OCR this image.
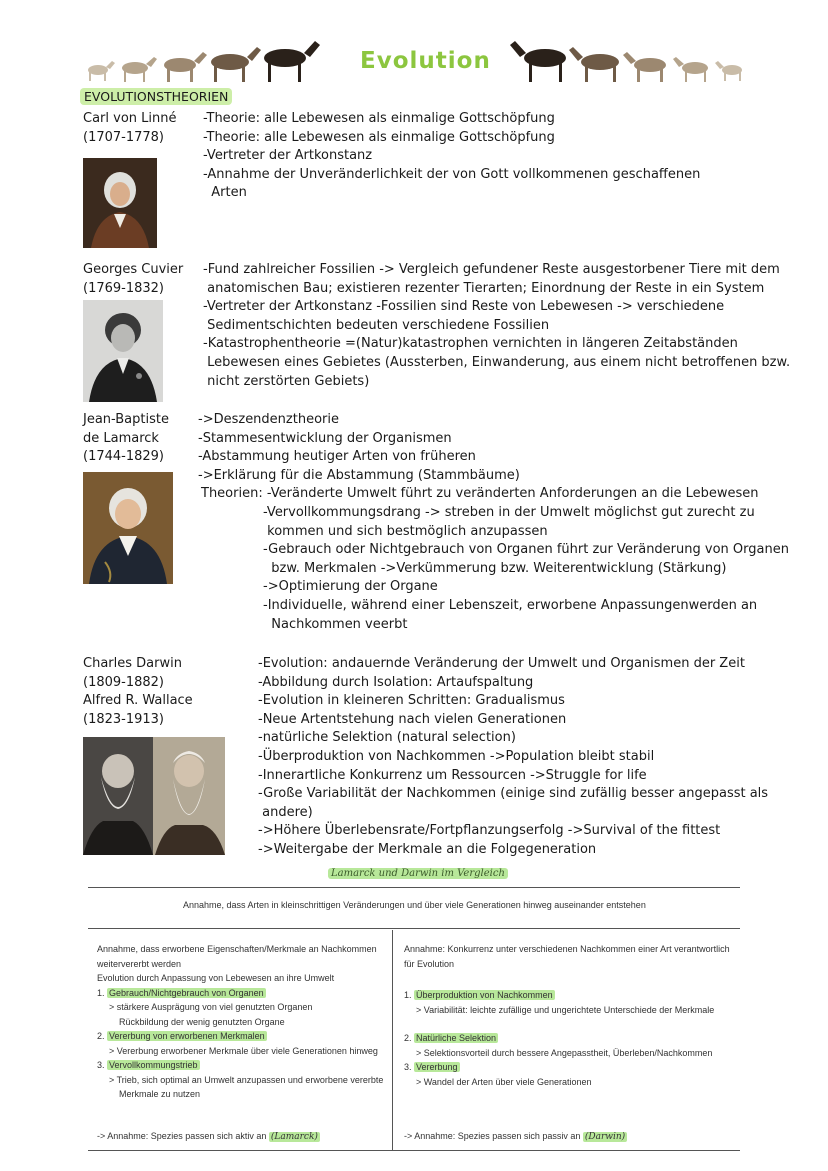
Evolution
EVOLUTIONSTHEORIEN
Carl von Linné
(1707-1778)
-Theorie: alle Lebewesen als einmalige Gottschöpfung
-Theorie: alle Lebewesen als einmalige Gottschöpfung
-Vertreter der Artkonstanz
-Annahme der Unveränderlichkeit der von Gott vollkommenen geschaffenen
Arten
Georges Cuvier
(1769-1832)
-Fund zahlreicher Fossilien -> Vergleich gefundener Reste ausgestorbener Tiere mit dem
anatomischen Bau; existieren rezenter Tierarten; Einordnung der Reste in ein System
-Vertreter der Artkonstanz -Fossilien sind Reste von Lebewesen -> verschiedene
Sedimentschichten bedeuten verschiedene Fossilien
-Katastrophentheorie =(Natur)katastrophen vernichten in längeren Zeitabständen
Lebewesen eines Gebietes (Aussterben, Einwanderung, aus einem nicht betroffenen bzw.
nicht zerstörten Gebiets)
Jean-Baptiste
de Lamarck
(1744-1829)
->Deszendenztheorie
-Stammesentwicklung der Organismen
-Abstammung heutiger Arten von früheren
->Erklärung für die Abstammung (Stammbäume)
Theorien: -Veränderte Umwelt führt zu veränderten Anforderungen an die Lebewesen
-Vervollkommungsdrang -> streben in der Umwelt möglichst gut zurecht zu
kommen und sich bestmöglich anzupassen
-Gebrauch oder Nichtgebrauch von Organen führt zur Veränderung von Organen
bzw. Merkmalen ->Verkümmerung bzw. Weiterentwicklung (Stärkung)
->Optimierung der Organe
-Individuelle, während einer Lebenszeit, erworbene Anpassungenwerden an
Nachkommen veerbt
Charles Darwin
(1809-1882)
Alfred R. Wallace
(1823-1913)
-Evolution: andauernde Veränderung der Umwelt und Organismen der Zeit
-Abbildung durch Isolation: Artaufspaltung
-Evolution in kleineren Schritten: Gradualismus
-Neue Artentstehung nach vielen Generationen
-natürliche Selektion (natural selection)
-Überproduktion von Nachkommen ->Population bleibt stabil
-Innerartliche Konkurrenz um Ressourcen ->Struggle for life
-Große Variabilität der Nachkommen (einige sind zufällig besser angepasst als
andere)
->Höhere Überlebensrate/Fortpflanzungserfolg ->Survival of the fittest
->Weitergabe der Merkmale an die Folgegeneration
Lamarck und Darwin im Vergleich
Annahme, dass Arten in kleinschrittigen Veränderungen und über viele Generationen hinweg auseinander entstehen
Annahme, dass erworbene Eigenschaften/Merkmale an Nachkommen
weitervererbt werden
Evolution durch Anpassung von Lebewesen an ihre Umwelt
1. Gebrauch/Nichtgebrauch von Organen
> stärkere Ausprägung von viel genutzten Organen
Rückbildung der wenig genutzten Organe
2. Vererbung von erworbenen Merkmalen
> Vererbung erworbener Merkmale über viele Generationen hinweg
3. Vervollkommungstrieb
> Trieb, sich optimal an Umwelt anzupassen und erworbene vererbte
Merkmale zu nutzen
-> Annahme: Spezies passen sich aktiv an (Lamarck)
Annahme: Konkurrenz unter verschiedenen Nachkommen einer Art verantwortlich
für Evolution
1. Überproduktion von Nachkommen
> Variabilität: leichte zufällige und ungerichtete Unterschiede der Merkmale
2. Natürliche Selektion
> Selektionsvorteil durch bessere Angepasstheit, Überleben/Nachkommen
3. Vererbung
> Wandel der Arten über viele Generationen
-> Annahme: Spezies passen sich passiv an (Darwin)
